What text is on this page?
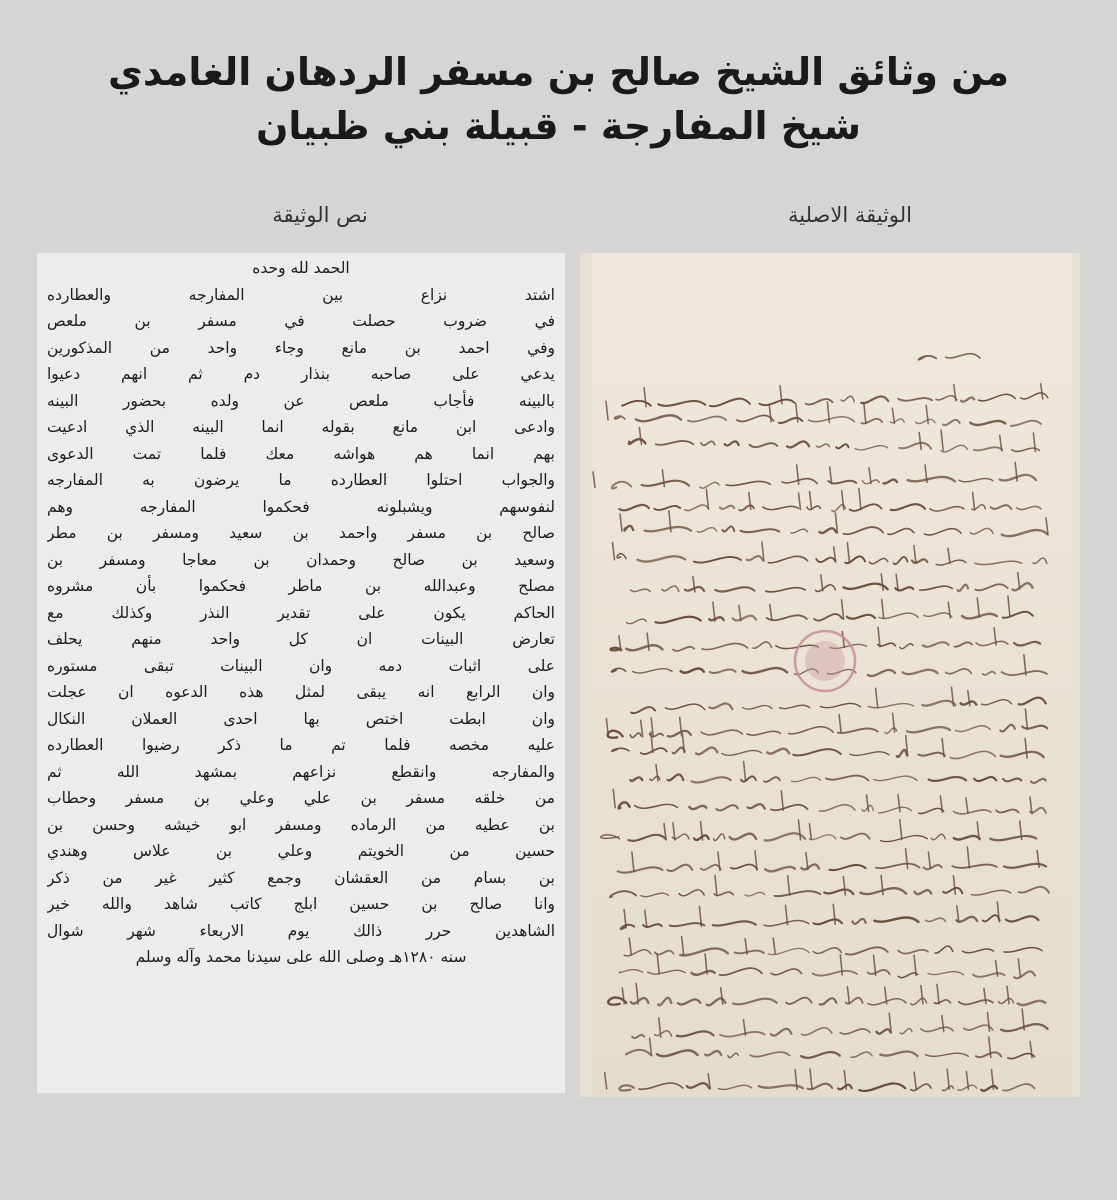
من وثائق الشيخ صالح بن مسفر الردهان الغامدي
شيخ المفارجة - قبيلة بني ظبيان
نص الوثيقة	الوثيقة الاصلية
الحمد لله وحده
اشتد نزاع بين المفارجه والعطارده
في ضروب حصلت في مسفر بن ملعص
وفي احمد بن مانع وجاء واحد من المذكورين
يدعي على صاحبه بنذار دم ثم انهم دعيوا
بالبينه فأجاب ملعص عن ولده بحضور البينه
وادعى ابن مانع بقوله انما البينه الذي ادعيت
بهم انما هم هواشه معك فلما تمت الدعوى
والجواب احتلوا العطارده ما يرضون به المفارجه
لنفوسهم ويشبلونه فحكموا المفارجه وهم
صالح بن مسفر واحمد بن سعيد ومسفر بن مطر
وسعيد بن صالح وحمدان بن معاجا ومسفر بن
مصلح وعبدالله بن ماطر فحكموا بأن مشروه
الحاكم يكون على تقدير النذر وكذلك مع
تعارض البينات ان كل واحد منهم يحلف
على اثبات دمه وان البينات تبقى مستوره
وان الرابع انه يبقى لمثل هذه الدعوه ان عجلت
وان ابطت اختص بها احدى العملان النكال
عليه مخصه فلما تم ما ذكر رضيوا العطارده
والمفارجه وانقطع نزاعهم بمشهد الله ثم
من خلقه مسفر بن علي وعلي بن مسفر وحطاب
بن عطيه من الرماده ومسفر ابو خيشه وحسن بن
حسين من الخويتم وعلي بن علاس وهندي
بن بسام من العقشان وجمع كثير غير من ذكر
وانا صالح بن حسين ابلج كاتب شاهد والله خير
الشاهدين حرر ذالك يوم الاربعاء شهر شوال
سنه ١٢٨٠هـ وصلى الله على سيدنا محمد وآله وسلم
